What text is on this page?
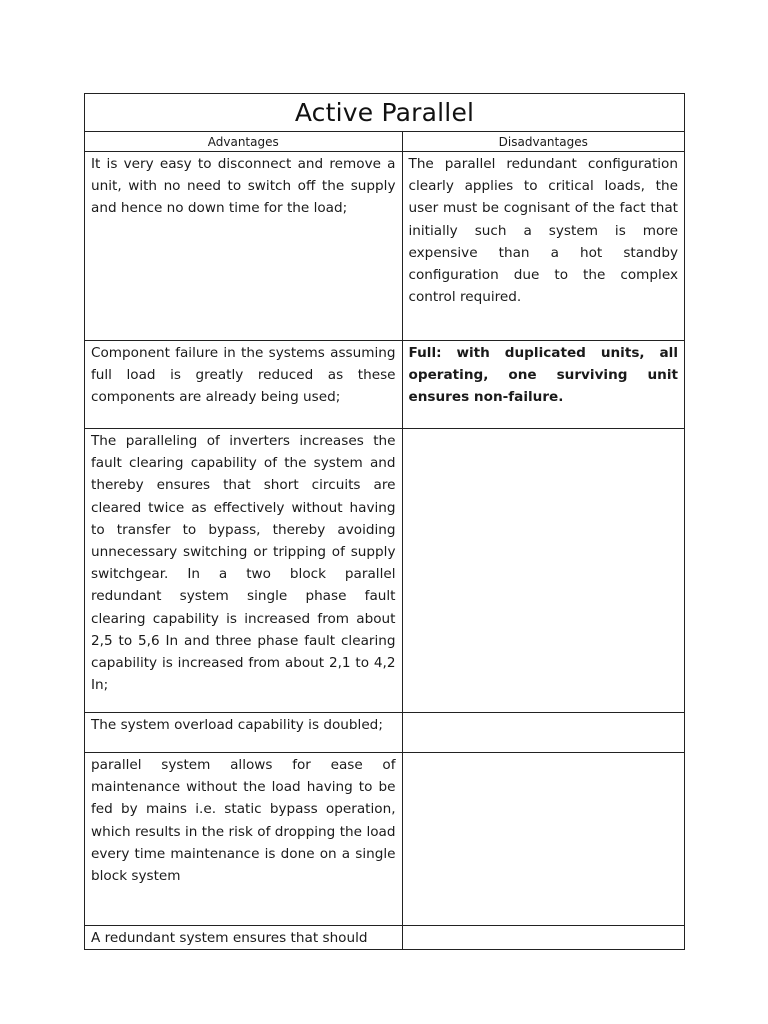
Active Parallel	
Advantages	Disadvantages

It is very easy to disconnect and remove a unit, with no need to switch off the supply and hence no down time for the load;	The parallel redundant configuration clearly applies to critical loads, the user must be cognisant of the fact that initially such a system is more expensive than a hot standby configuration due to the complex control required.

Component failure in the systems assuming full load is greatly reduced as these components are already being used;	Full: with duplicated units, all operating, one surviving unit ensures non-failure.

The paralleling of inverters increases the fault clearing capability of the system and thereby ensures that short circuits are cleared twice as effectively without having to transfer to bypass, thereby avoiding unnecessary switching or tripping of supply switchgear. In a two block parallel redundant system single phase fault clearing capability is increased from about 2,5 to 5,6 In and three phase fault clearing capability is increased from about 2,1 to 4,2 In;	

The system overload capability is doubled;	

parallel system allows for ease of maintenance without the load having to be fed by mains i.e. static bypass operation, which results in the risk of dropping the load every time maintenance is done on a single block system	

A redundant system ensures that should	
